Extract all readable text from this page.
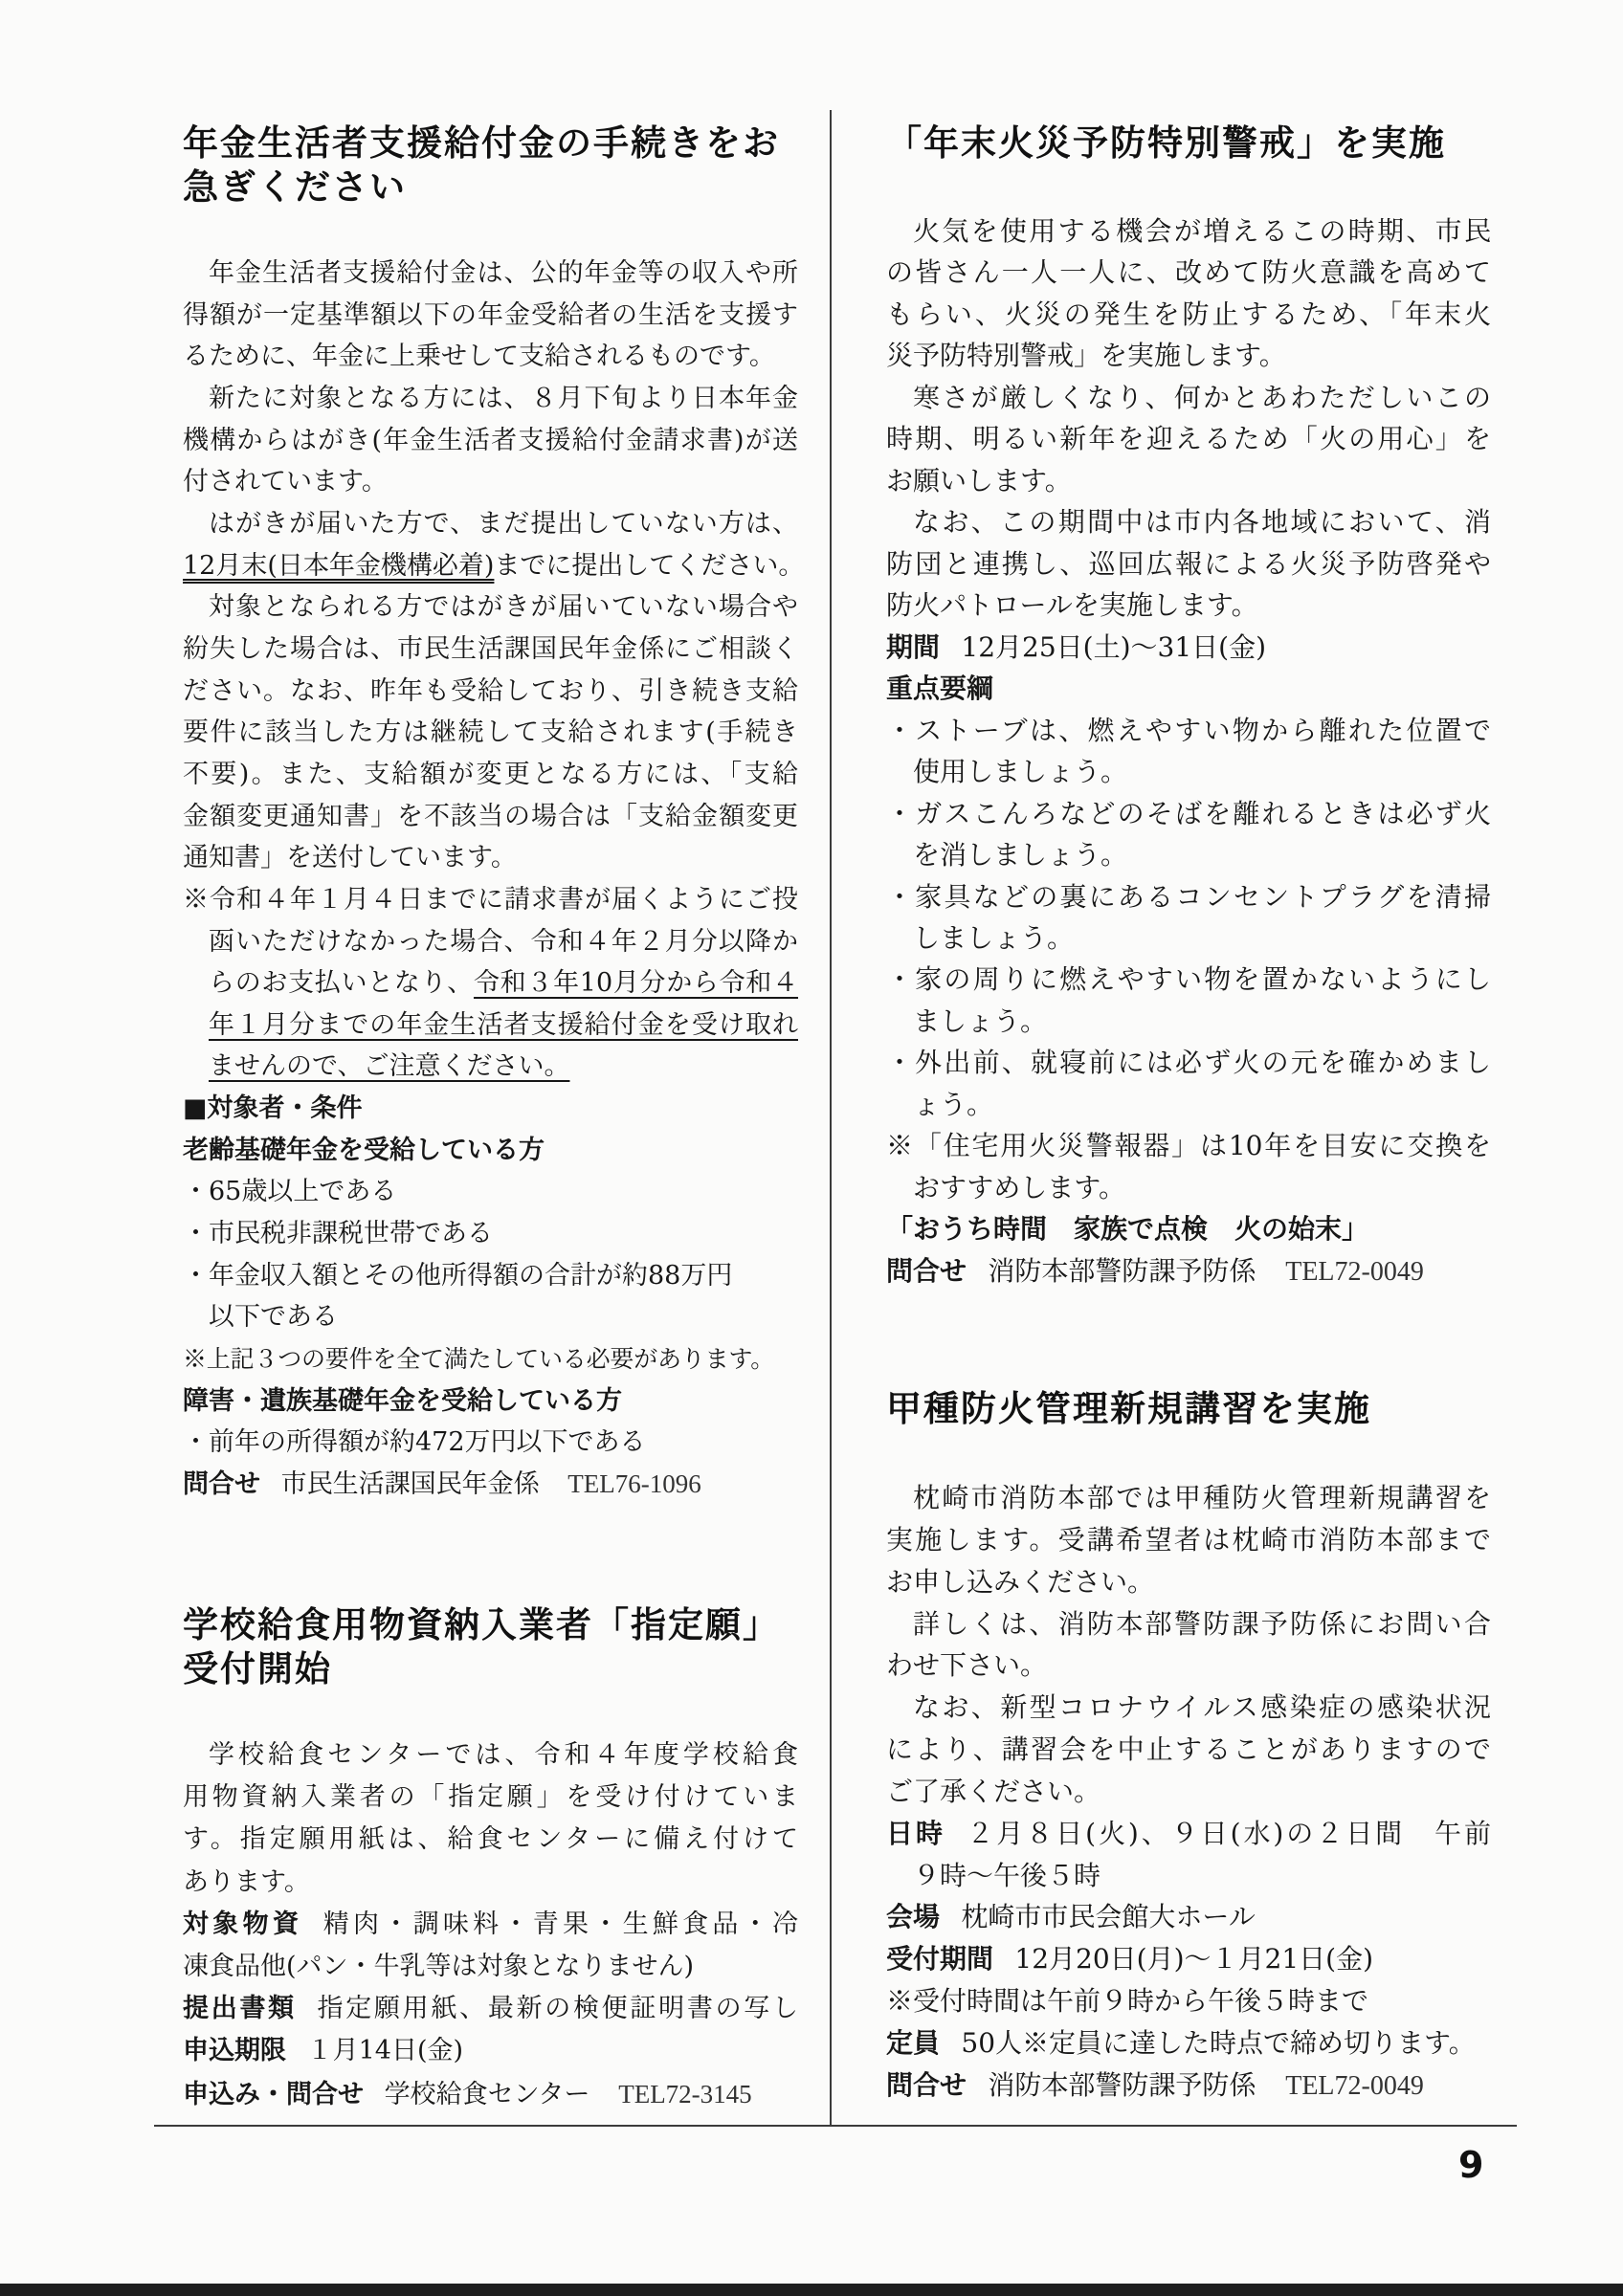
年金生活者支援給付金の手続きをお
急ぎください
年金生活者支援給付金は、公的年金等の収入や所
得額が一定基準額以下の年金受給者の生活を支援す
るために、年金に上乗せして支給されるものです。
新たに対象となる方には、８月下旬より日本年金
機構からはがき(年金生活者支援給付金請求書)が送
付されています。
はがきが届いた方で、まだ提出していない方は、
12月末(日本年金機構必着)までに提出してください。
対象となられる方ではがきが届いていない場合や
紛失した場合は、市民生活課国民年金係にご相談く
ださい。なお、昨年も受給しており、引き続き支給
要件に該当した方は継続して支給されます(手続き
不要)。また、支給額が変更となる方には、「支給
金額変更通知書」を不該当の場合は「支給金額変更
通知書」を送付しています。
※令和４年１月４日までに請求書が届くようにご投
函いただけなかった場合、令和４年２月分以降か
らのお支払いとなり、令和３年10月分から令和４
年１月分までの年金生活者支援給付金を受け取れ
ませんので、ご注意ください。
■対象者・条件
老齢基礎年金を受給している方
・65歳以上である
・市民税非課税世帯である
・年金収入額とその他所得額の合計が約88万円
以下である
※上記３つの要件を全て満たしている必要があります。
障害・遺族基礎年金を受給している方
・前年の所得額が約472万円以下である
問合せ 市民生活課国民年金係 TEL76-1096
学校給食用物資納入業者「指定願」
受付開始
学校給食センターでは、令和４年度学校給食
用物資納入業者の「指定願」を受け付けていま
す。指定願用紙は、給食センターに備え付けて
あります。
対象物資 精肉・調味料・青果・生鮮食品・冷
凍食品他(パン・牛乳等は対象となりません)
提出書類 指定願用紙、最新の検便証明書の写し
申込期限 １月14日(金)
申込み・問合せ 学校給食センター TEL72-3145
「年末火災予防特別警戒」を実施
火気を使用する機会が増えるこの時期、市民
の皆さん一人一人に、改めて防火意識を高めて
もらい、火災の発生を防止するため、「年末火
災予防特別警戒」を実施します。
寒さが厳しくなり、何かとあわただしいこの
時期、明るい新年を迎えるため「火の用心」を
お願いします。
なお、この期間中は市内各地域において、消
防団と連携し、巡回広報による火災予防啓発や
防火パトロールを実施します。
期間 12月25日(土)～31日(金)
重点要綱
・ストーブは、燃えやすい物から離れた位置で
使用しましょう。
・ガスこんろなどのそばを離れるときは必ず火
を消しましょう。
・家具などの裏にあるコンセントプラグを清掃
しましょう。
・家の周りに燃えやすい物を置かないようにし
ましょう。
・外出前、就寝前には必ず火の元を確かめまし
ょう。
※「住宅用火災警報器」は10年を目安に交換を
おすすめします。
「おうち時間　家族で点検　火の始末」
問合せ 消防本部警防課予防係 TEL72-0049
甲種防火管理新規講習を実施
枕崎市消防本部では甲種防火管理新規講習を
実施します。受講希望者は枕崎市消防本部まで
お申し込みください。
詳しくは、消防本部警防課予防係にお問い合
わせ下さい。
なお、新型コロナウイルス感染症の感染状況
により、講習会を中止することがありますので
ご了承ください。
日時 ２月８日(火)、９日(水)の２日間　午前
９時～午後５時
会場 枕崎市市民会館大ホール
受付期間 12月20日(月)～１月21日(金)
※受付時間は午前９時から午後５時まで
定員 50人※定員に達した時点で締め切ります。
問合せ 消防本部警防課予防係 TEL72-0049
9
